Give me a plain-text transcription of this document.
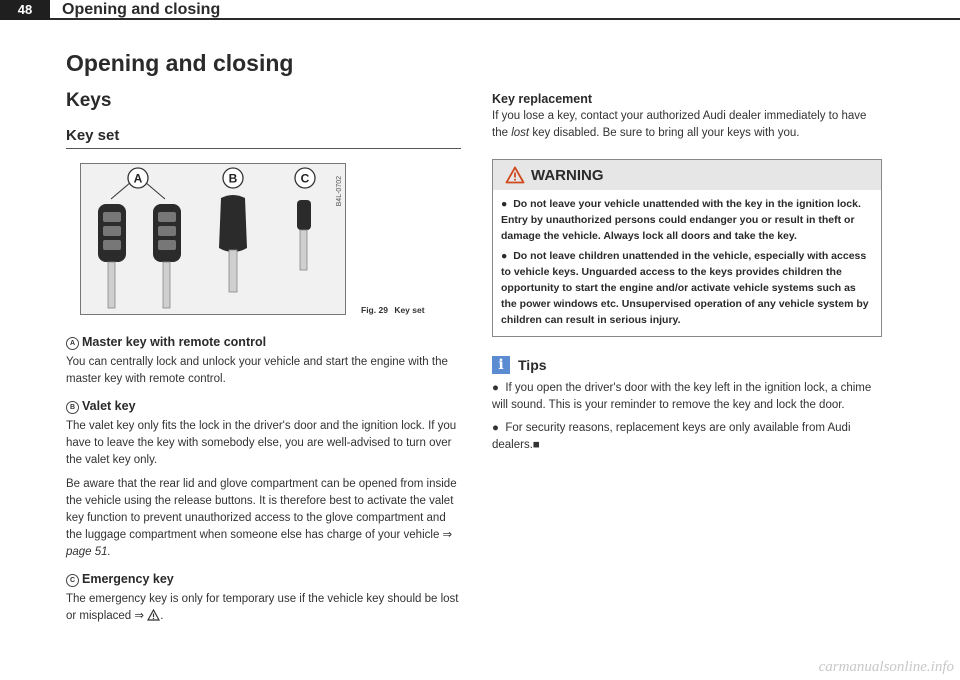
48	Opening and closing
Opening and closing
Keys
Key set
A	B	C	B4L-0702
Fig. 29 Key set
A Master key with remote control

You can centrally lock and unlock your vehicle and start the engine with the master key with remote control.

B Valet key

The valet key only fits the lock in the driver's door and the ignition lock. If you have to leave the key with somebody else, you are well-advised to turn over the valet key only.

Be aware that the rear lid and glove compartment can be opened from inside the vehicle using the release buttons. It is therefore best to activate the valet key function to prevent unauthorized access to the glove compartment and the luggage compartment when someone else has charge of your vehicle ⇒ page 51.

C Emergency key

The emergency key is only for temporary use if the vehicle key should be lost or misplaced ⇒ .

Key replacement

If you lose a key, contact your authorized Audi dealer immediately to have the lost key disabled. Be sure to bring all your keys with you.

WARNING

● Do not leave your vehicle unattended with the key in the ignition lock. Entry by unauthorized persons could endanger you or result in theft or damage the vehicle. Always lock all doors and take the key.

● Do not leave children unattended in the vehicle, especially with access to vehicle keys. Unguarded access to the keys provides children the opportunity to start the engine and/or activate vehicle systems such as the power windows etc. Unsupervised operation of any vehicle system by children can result in serious injury.

i	Tips

● If you open the driver's door with the key left in the ignition lock, a chime will sound. This is your reminder to remove the key and lock the door.

● For security reasons, replacement keys are only available from Audi dealers.■

carmanualsonline.info
